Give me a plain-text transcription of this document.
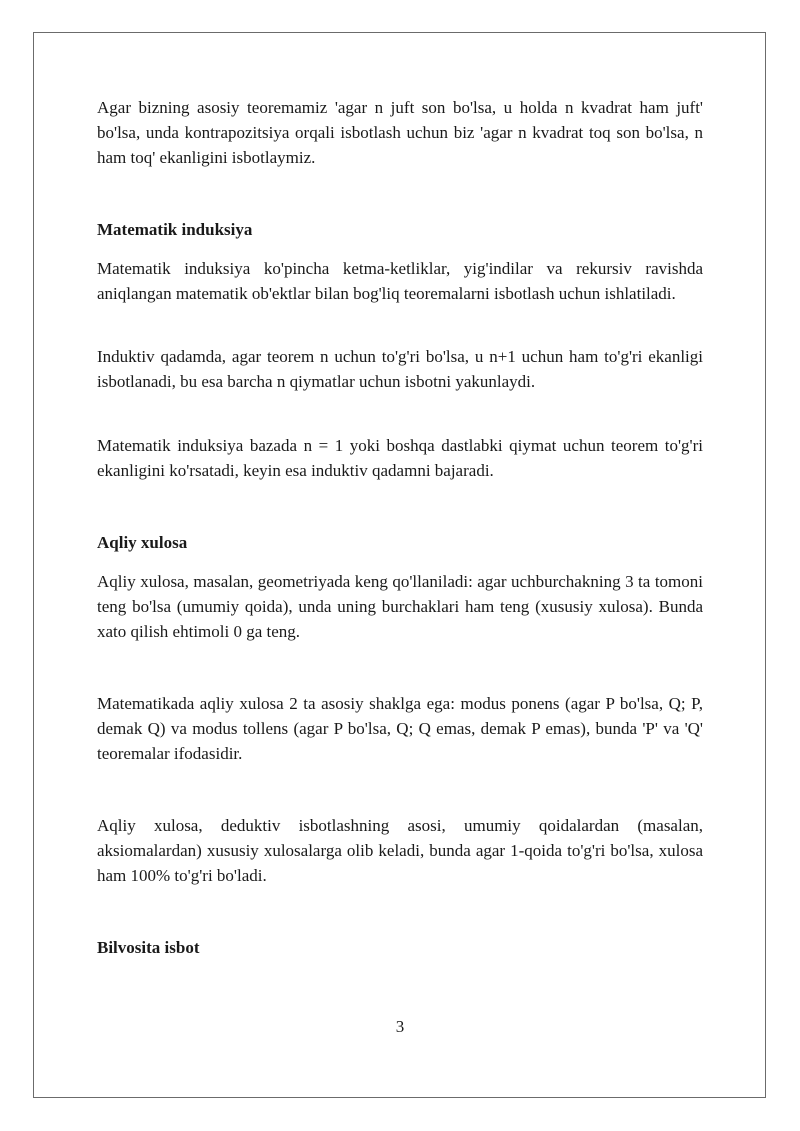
Agar bizning asosiy teoremamiz 'agar n juft son bo'lsa, u holda n kvadrat ham juft' bo'lsa, unda kontrapozitsiya orqali isbotlash uchun biz 'agar n kvadrat toq son bo'lsa, n ham toq' ekanligini isbotlaymiz.

Matematik induksiya

Matematik induksiya ko'pincha ketma-ketliklar, yig'indilar va rekursiv ravishda aniqlangan matematik ob'ektlar bilan bog'liq teoremalarni isbotlash uchun ishlatiladi.

Induktiv qadamda, agar teorem n uchun to'g'ri bo'lsa, u n+1 uchun ham to'g'ri ekanligi isbotlanadi, bu esa barcha n qiymatlar uchun isbotni yakunlaydi.

Matematik induksiya bazada n = 1 yoki boshqa dastlabki qiymat uchun teorem to'g'ri ekanligini ko'rsatadi, keyin esa induktiv qadamni bajaradi.

Aqliy xulosa

Aqliy xulosa, masalan, geometriyada keng qo'llaniladi: agar uchburchakning 3 ta tomoni teng bo'lsa (umumiy qoida), unda uning burchaklari ham teng (xususiy xulosa). Bunda xato qilish ehtimoli 0 ga teng.

Matematikada aqliy xulosa 2 ta asosiy shaklga ega: modus ponens (agar P bo'lsa, Q; P, demak Q) va modus tollens (agar P bo'lsa, Q; Q emas, demak P emas), bunda 'P' va 'Q' teoremalar ifodasidir.

Aqliy xulosa, deduktiv isbotlashning asosi, umumiy qoidalardan (masalan, aksiomalardan) xususiy xulosalarga olib keladi, bunda agar 1-qoida to'g'ri bo'lsa, xulosa ham 100% to'g'ri bo'ladi.

Bilvosita isbot

3
